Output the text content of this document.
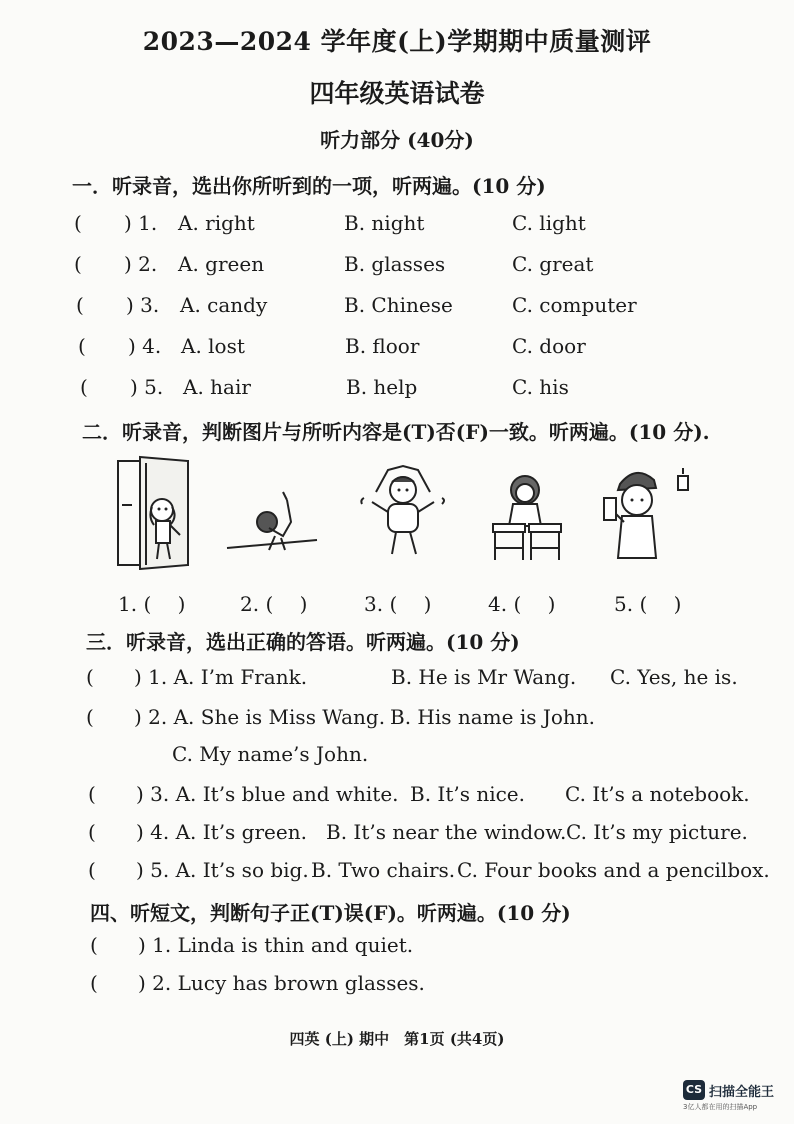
2023—2024 学年度(上)学期期中质量测评
四年级英语试卷
听力部分 (40分)
一．听录音，选出你所听到的一项，听两遍。(10 分)
( ) 1. A. right	B. night	C. light
( ) 2. A. green	B. glasses	C. great
( ) 3. A. candy	B. Chinese	C. computer
( ) 4. A. lost	B. floor	C. door
( ) 5. A. hair	B. help	C. his
二．听录音，判断图片与所听内容是(T)否(F)一致。听两遍。(10 分).
1. (　 )	2. (　 )	3. (　 )	4. (　 )	5. (　 )
三．听录音，选出正确的答语。听两遍。(10 分)
( ) 1. A. I’m Frank.	B. He is Mr Wang. C. Yes, he is.
( ) 2. A. She is Miss Wang. B. His name is John.
C. My name’s John.
( ) 3. A. It’s blue and white. B. It’s nice. C. It’s a notebook.
( ) 4. A. It’s green. B. It’s near the window. C. It’s my picture.
( ) 5. A. It’s so big. B. Two chairs. C. Four books and a pencilbox.
四、听短文，判断句子正(T)误(F)。听两遍。(10 分)
( ) 1. Linda is thin and quiet.
( ) 2. Lucy has brown glasses.
四英 (上) 期中　第1页 (共4页)
CS 扫描全能王
3亿人都在用的扫描App
